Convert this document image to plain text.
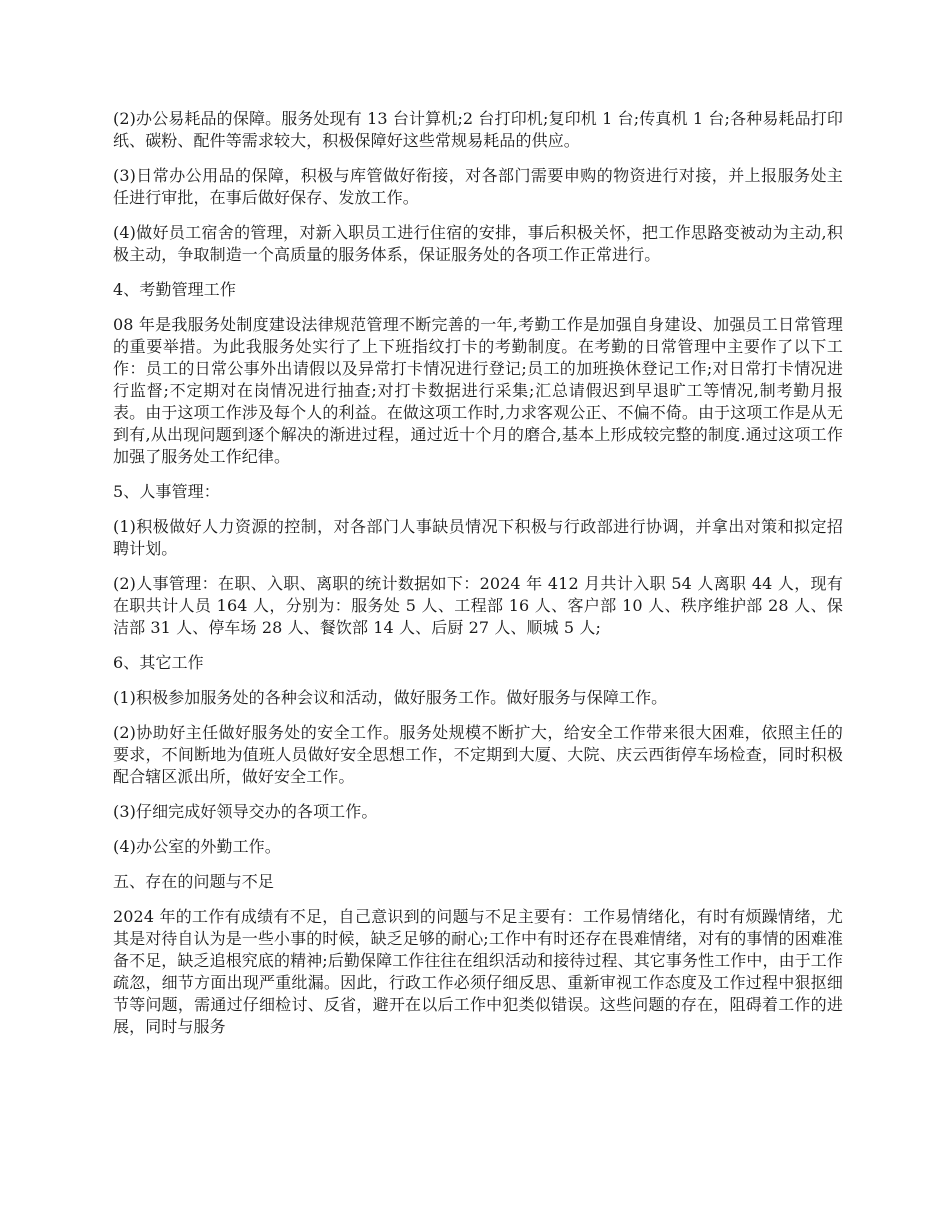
(2)办公易耗品的保障。服务处现有 13 台计算机;2 台打印机;复印机 1 台;传真机 1 台;各种易耗品打印纸、碳粉、配件等需求较大，积极保障好这些常规易耗品的供应。

(3)日常办公用品的保障，积极与库管做好衔接，对各部门需要申购的物资进行对接，并上报服务处主任进行审批，在事后做好保存、发放工作。

(4)做好员工宿舍的管理，对新入职员工进行住宿的安排，事后积极关怀，把工作思路变被动为主动,积极主动，争取制造一个高质量的服务体系，保证服务处的各项工作正常进行。

4、考勤管理工作

08 年是我服务处制度建设法律规范管理不断完善的一年,考勤工作是加强自身建设、加强员工日常管理的重要举措。为此我服务处实行了上下班指纹打卡的考勤制度。在考勤的日常管理中主要作了以下工作：员工的日常公事外出请假以及异常打卡情况进行登记;员工的加班换休登记工作;对日常打卡情况进行监督;不定期对在岗情况进行抽查;对打卡数据进行采集;汇总请假迟到早退旷工等情况,制考勤月报表。由于这项工作涉及每个人的利益。在做这项工作时,力求客观公正、不偏不倚。由于这项工作是从无到有,从出现问题到逐个解决的渐进过程，通过近十个月的磨合,基本上形成较完整的制度.通过这项工作加强了服务处工作纪律。

5、人事管理：

(1)积极做好人力资源的控制，对各部门人事缺员情况下积极与行政部进行协调，并拿出对策和拟定招聘计划。

(2)人事管理：在职、入职、离职的统计数据如下：2024 年 412 月共计入职 54 人离职 44 人，现有在职共计人员 164 人，分别为：服务处 5 人、工程部 16 人、客户部 10 人、秩序维护部 28 人、保洁部 31 人、停车场 28 人、餐饮部 14 人、后厨 27 人、顺城 5 人;

6、其它工作

(1)积极参加服务处的各种会议和活动，做好服务工作。做好服务与保障工作。

(2)协助好主任做好服务处的安全工作。服务处规模不断扩大，给安全工作带来很大困难，依照主任的要求，不间断地为值班人员做好安全思想工作，不定期到大厦、大院、庆云西街停车场检查，同时积极配合辖区派出所，做好安全工作。

(3)仔细完成好领导交办的各项工作。

(4)办公室的外勤工作。

五、存在的问题与不足

2024 年的工作有成绩有不足，自己意识到的问题与不足主要有：工作易情绪化，有时有烦躁情绪，尤其是对待自认为是一些小事的时候，缺乏足够的耐心;工作中有时还存在畏难情绪，对有的事情的困难准备不足，缺乏追根究底的精神;后勤保障工作往往在组织活动和接待过程、其它事务性工作中，由于工作疏忽，细节方面出现严重纰漏。因此，行政工作必须仔细反思、重新审视工作态度及工作过程中狠抠细节等问题，需通过仔细检讨、反省，避开在以后工作中犯类似错误。这些问题的存在，阻碍着工作的进展，同时与服务
